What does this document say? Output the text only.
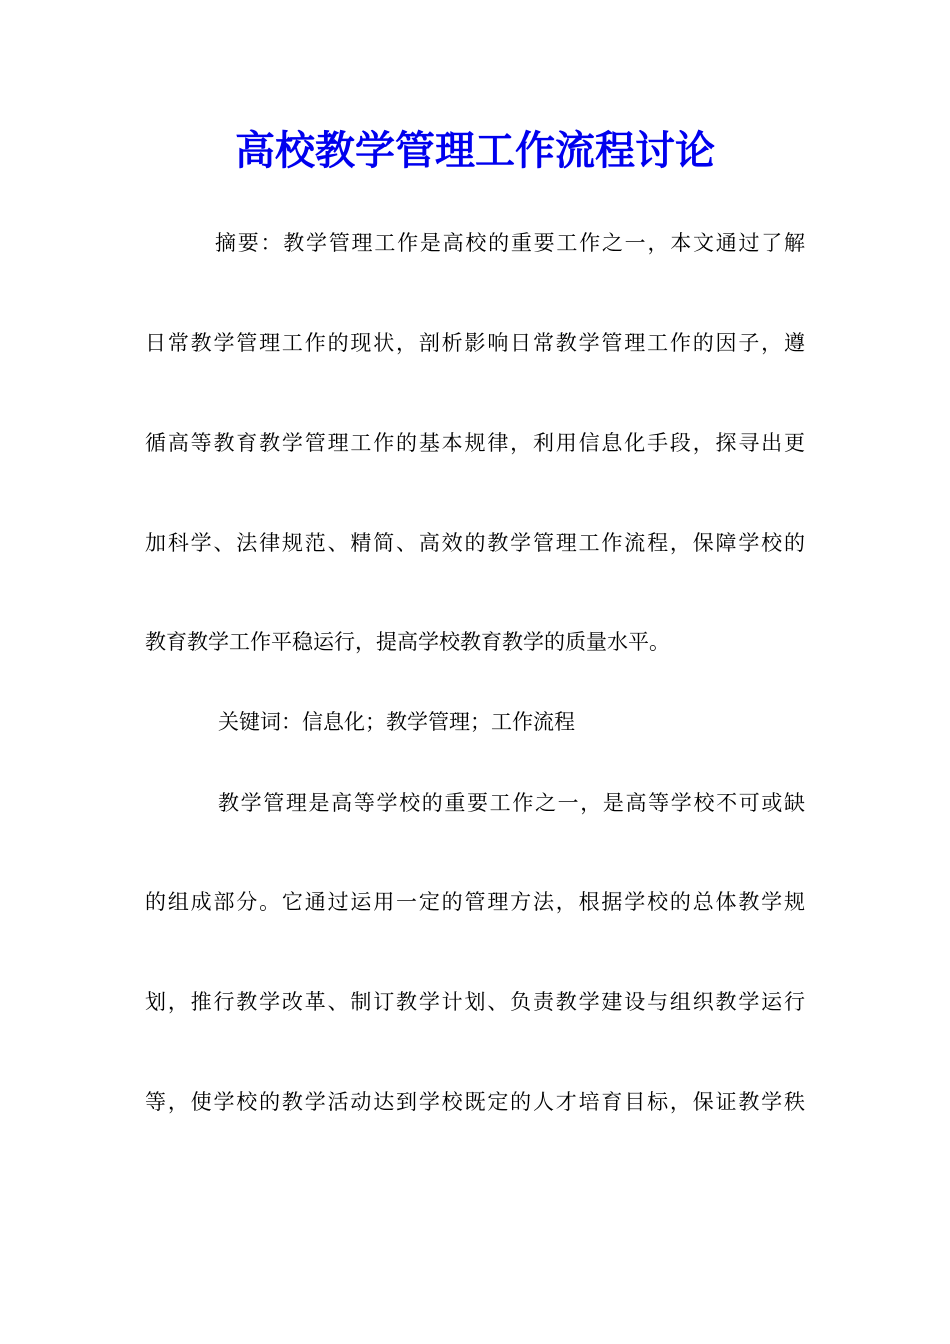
高校教学管理工作流程讨论

摘要：教学管理工作是高校的重要工作之一，本文通过了解

日常教学管理工作的现状，剖析影响日常教学管理工作的因子，遵

循高等教育教学管理工作的基本规律，利用信息化手段，探寻出更

加科学、法律规范、精简、高效的教学管理工作流程，保障学校的

教育教学工作平稳运行，提高学校教育教学的质量水平。

关键词：信息化；教学管理；工作流程

教学管理是高等学校的重要工作之一，是高等学校不可或缺

的组成部分。它通过运用一定的管理方法，根据学校的总体教学规

划，推行教学改革、制订教学计划、负责教学建设与组织教学运行

等，使学校的教学活动达到学校既定的人才培育目标，保证教学秩
